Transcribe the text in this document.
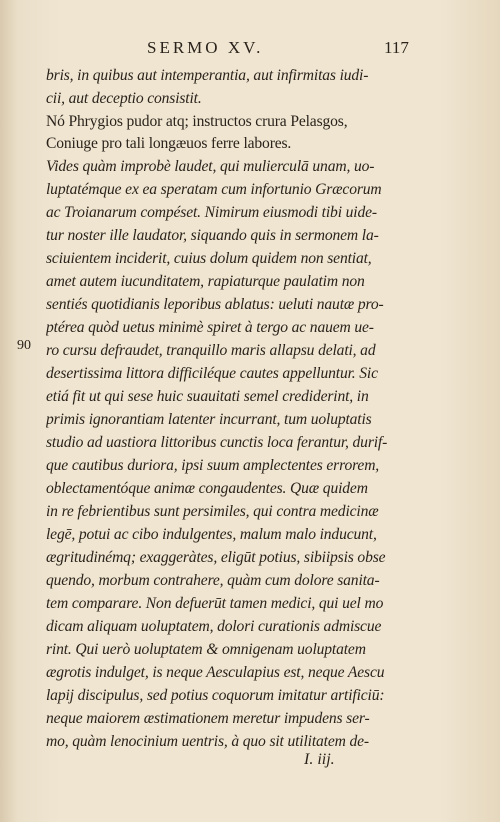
SERMO XV.	117
90
bris, in quibus aut intemperantia, aut infirmitas iudi-
cii, aut deceptio consistit.
Nó Phrygios pudor atq; instructos crura Pelasgos,
Coniuge pro tali longæuos ferre labores.
Vides quàm improbè laudet, qui mulierculā unam, uo-
luptatémque ex ea speratam cum infortunio Græcorum
ac Troianarum compéset. Nimirum eiusmodi tibi uide-
tur noster ille laudator, siquando quis in sermonem la-
sciuientem inciderit, cuius dolum quidem non sentiat,
amet autem iucunditatem, rapiaturque paulatim non
sentiés quotidianis leporibus ablatus: ueluti nautæ pro-
ptérea quòd uetus minimè spiret à tergo ac nauem ue-
ro cursu defraudet, tranquillo maris allapsu delati, ad
desertissima littora difficiléque cautes appelluntur. Sic
etiá fit ut qui sese huic suauitati semel crediderint, in
primis ignorantiam latenter incurrant, tum uoluptatis
studio ad uastiora littoribus cunctis loca ferantur, durif-
que cautibus duriora, ipsi suum amplectentes errorem,
oblectamentóque animæ congaudentes. Quæ quidem
in re febrientibus sunt persimiles, qui contra medicinæ
legē, potui ac cibo indulgentes, malum malo inducunt,
ægritudinémq; exaggeràtes, eligūt potius, sibiipsis obse
quendo, morbum contrahere, quàm cum dolore sanita-
tem comparare. Non defuerūt tamen medici, qui uel mo
dicam aliquam uoluptatem, dolori curationis admiscue
rint. Qui uerò uoluptatem & omnigenam uoluptatem
ægrotis indulget, is neque Aesculapius est, neque Aescu
lapij discipulus, sed potius coquorum imitatur artificiū:
neque maiorem æstimationem meretur impudens ser-
mo, quàm lenocinium uentris, à quo sit utilitatem de-
I. iij.
